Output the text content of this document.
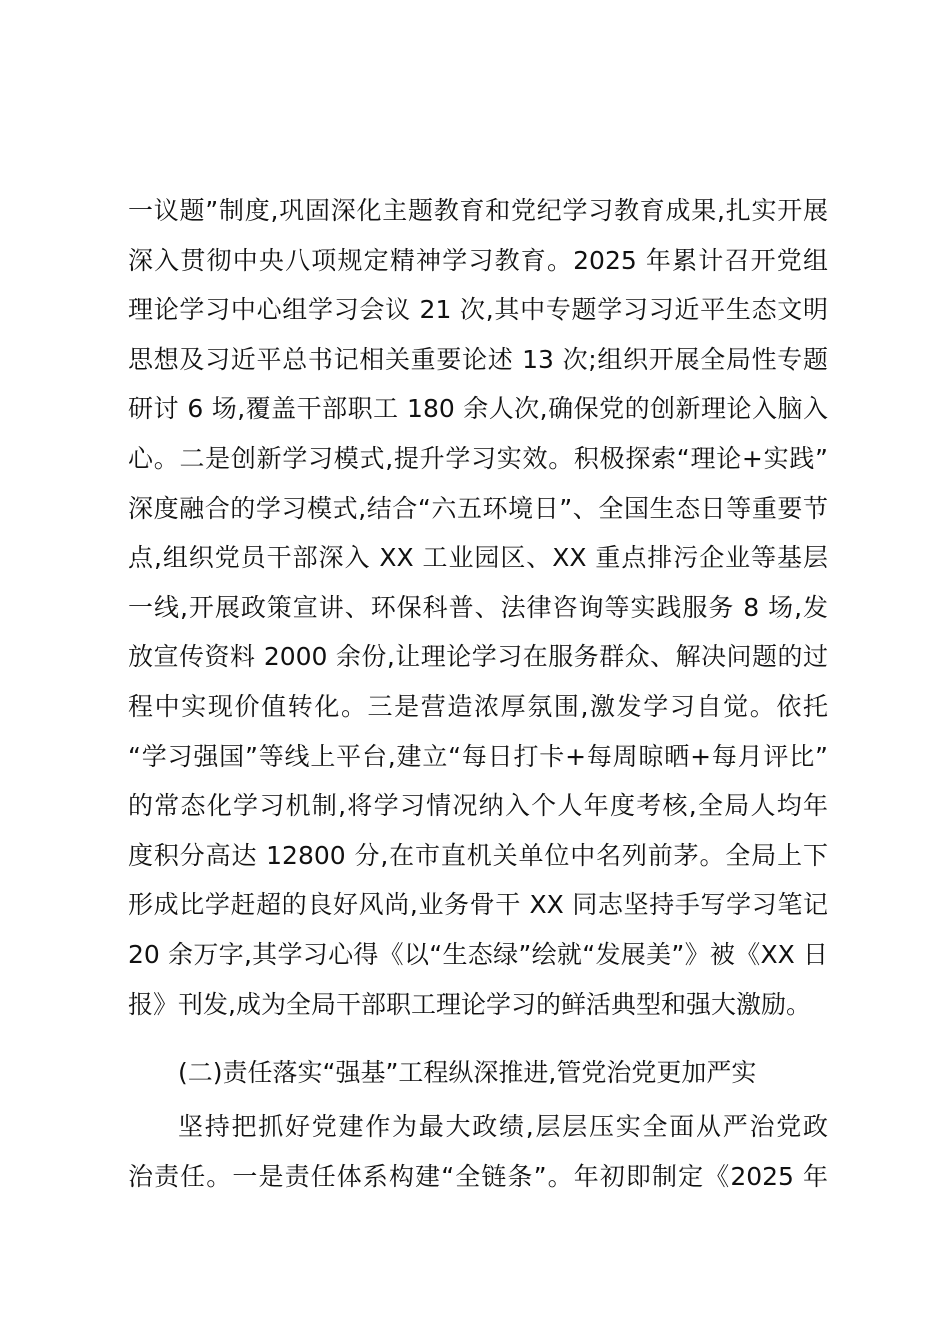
一议题”制度,巩固深化主题教育和党纪学习教育成果,扎实开展
深入贯彻中央八项规定精神学习教育。2025 年累计召开党组
理论学习中心组学习会议 21 次,其中专题学习习近平生态文明
思想及习近平总书记相关重要论述 13 次;组织开展全局性专题
研讨 6 场,覆盖干部职工 180 余人次,确保党的创新理论入脑入
心。二是创新学习模式,提升学习实效。积极探索“理论+实践”
深度融合的学习模式,结合“六五环境日”、全国生态日等重要节
点,组织党员干部深入 XX 工业园区、XX 重点排污企业等基层
一线,开展政策宣讲、环保科普、法律咨询等实践服务 8 场,发
放宣传资料 2000 余份,让理论学习在服务群众、解决问题的过
程中实现价值转化。三是营造浓厚氛围,激发学习自觉。依托
“学习强国”等线上平台,建立“每日打卡+每周晾晒+每月评比”
的常态化学习机制,将学习情况纳入个人年度考核,全局人均年
度积分高达 12800 分,在市直机关单位中名列前茅。全局上下
形成比学赶超的良好风尚,业务骨干 XX 同志坚持手写学习笔记
20 余万字,其学习心得《以“生态绿”绘就“发展美”》被《XX 日
报》刊发,成为全局干部职工理论学习的鲜活典型和强大激励。
(二)责任落实“强基”工程纵深推进,管党治党更加严实
坚持把抓好党建作为最大政绩,层层压实全面从严治党政
治责任。一是责任体系构建“全链条”。年初即制定《2025 年
